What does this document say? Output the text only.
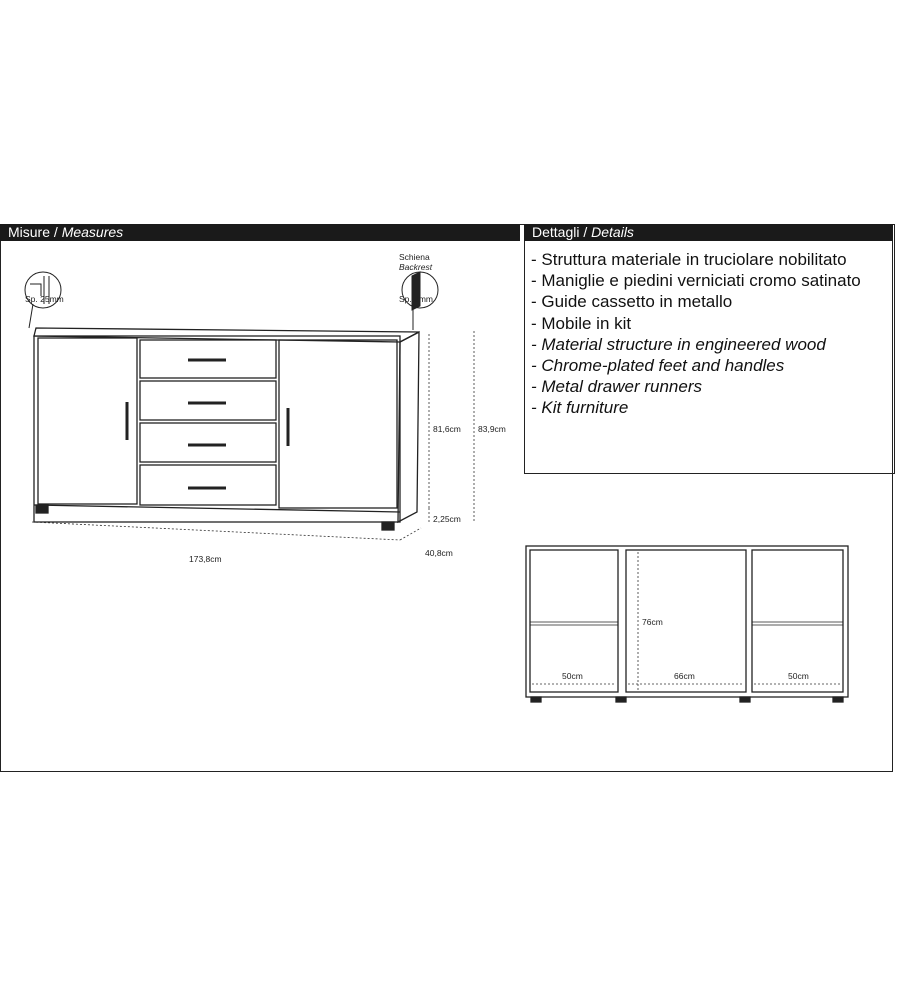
Misure / Measures	Dettagli / Details
- Struttura materiale in truciolare nobilitato
- Maniglie e piedini verniciati cromo satinato
- Guide cassetto in metallo
- Mobile in kit
- Material structure in engineered wood
- Chrome-plated feet and handles
- Metal drawer runners
- Kit furniture
Sp. 25mm
Schiena
Backrest
Sp. 3mm
81,6cm 83,9cm
2,25cm
173,8cm
40,8cm
76cm
50cm	66cm	50cm
